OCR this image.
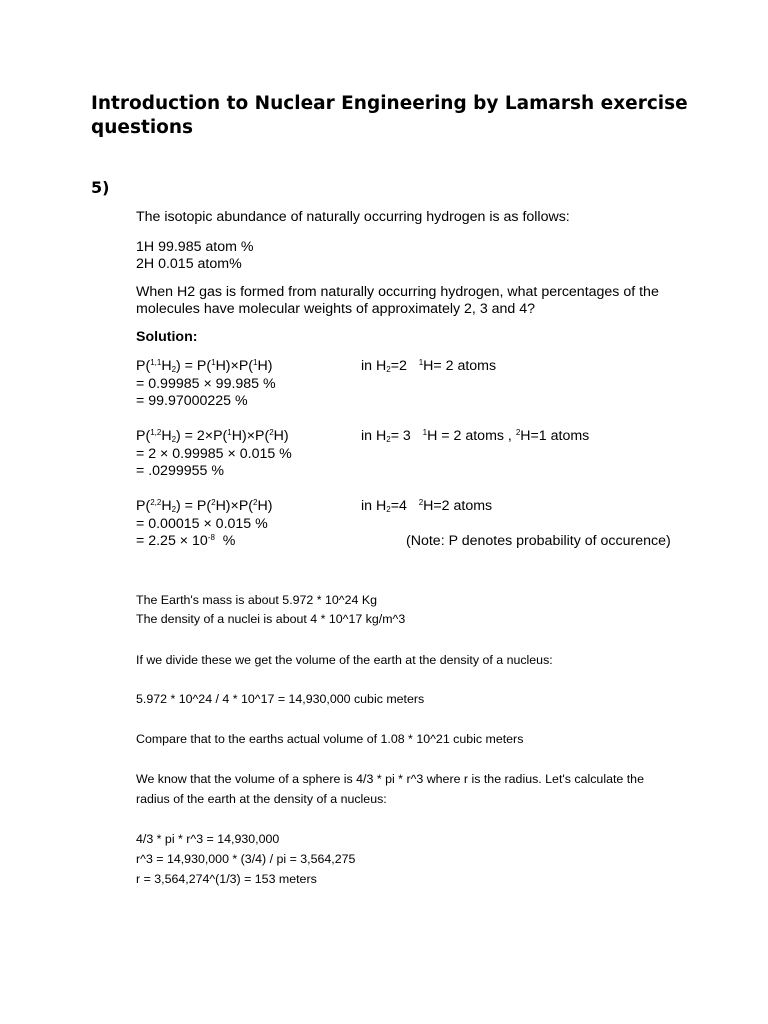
Introduction to Nuclear Engineering by Lamarsh exercise questions
5)
The isotopic abundance of naturally occurring hydrogen is as follows:
1H 99.985 atom %
2H 0.015 atom%
When H2 gas is formed from naturally occurring hydrogen, what percentages of the
molecules have molecular weights of approximately 2, 3 and 4?
Solution:
$P(^{1,1}H_2) = P(^1H)\times P(^1H)$	in $H_2=2$   $^1$H= 2 atoms
= 0.99985 × 99.985 %
= 99.97000225 %
$P(^{1,2}H_2) = 2\times P(^1H)\times P(^2H)$	in $H_2= 3$   $^1$H = 2 atoms , $^2$H=1 atoms
= 2 × 0.99985 × 0.015 %
= .0299955 %
$P(^{2,2}H_2) = P(^2H)\times P(^2H)$	in $H_2=4$   $^2$H=2 atoms
= 0.00015 × 0.015 %
= $2.25 \times 10^{-8}$  %	(Note: P denotes probability of occurence)
The Earth's mass is about 5.972 * 10^24 Kg
The density of a nuclei is about 4 * 10^17 kg/m^3
If we divide these we get the volume of the earth at the density of a nucleus:
5.972 * 10^24 / 4 * 10^17 = 14,930,000 cubic meters
Compare that to the earths actual volume of 1.08 * 10^21 cubic meters
We know that the volume of a sphere is 4/3 * pi * r^3 where r is the radius. Let's calculate the
radius of the earth at the density of a nucleus:
4/3 * pi * r^3 = 14,930,000
r^3 = 14,930,000 * (3/4) / pi = 3,564,275
r = 3,564,274^(1/3) = 153 meters
